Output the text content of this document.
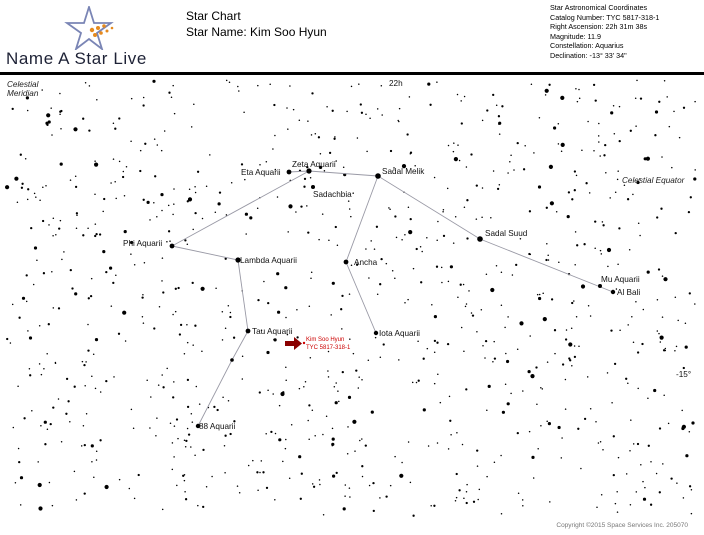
Name A Star Live
Star Chart
Star Name: Kim Soo Hyun
Star Astronomical Coordinates
Catalog Number: TYC 5817-318-1
Right Ascension: 22h 31m 38s
Magnitude: 11.9
Constellation: Aquarius
Declination: -13° 33' 34"
Celestial
Meridian
Celestial Equator
22h
-15°
Eta Aquarii
Zeta Aquarii
Sadal Melik
Sadachbia
Phi Aquarii
Lambda Aquarii	Ancha
Sadal Suud
Mu Aquarii
Al Bali
Tau Aquarii	Iota Aquarii
88 Aquarii
Kim Soo Hyun
TYC 5817-318-1
Copyright ©2015 Space Services Inc. 205070
